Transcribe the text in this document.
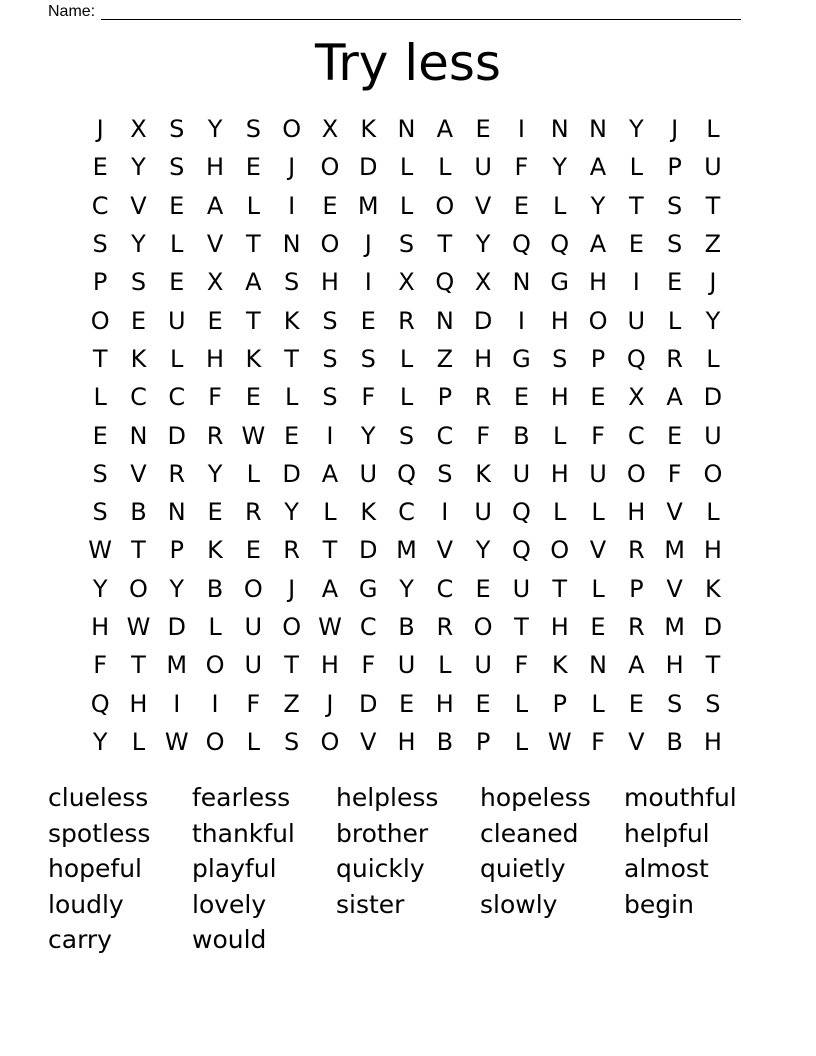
Name:
Try less
J	X S Y S O X K N A E	I	N N Y	J	L
E Y S H E	J	O D L	L U F	Y A L	P U
C V E A L	I	E M L O V E	L	Y T S T
S Y	L V T N O	J	S T Y Q Q A E S Z
P S E X A S H	I	X Q X N G H	I	E	J
O E U E T K S E R N D	I	H O U L	Y
T K L H K T S S L Z H G S P Q R L
L C C F E	L	S F	L	P R E H E X A D
E N D R W E	I	Y S C F B L	F C E U
S V R Y	L D A U Q S K U H U O F O
S B N E R Y	L K C	I	U Q L	L H V L
W T P K E R T D M V Y Q O V R M H
Y O Y B O	J	A G Y C E U T	L	P V K
H W D L U O W C B R O T H E R M D
F	T M O U T H F U L U F K N A H T
Q H	I	I	F Z	J	D E H E	L	P	L	E S S
Y	L W O L	S O V H B P	L W F V B H
clueless	fearless	helpless	hopeless	mouthful
spotless	thankful	brother	cleaned	helpful
hopeful	playful	quickly	quietly	almost
loudly	lovely	sister	slowly	begin
carry	would
